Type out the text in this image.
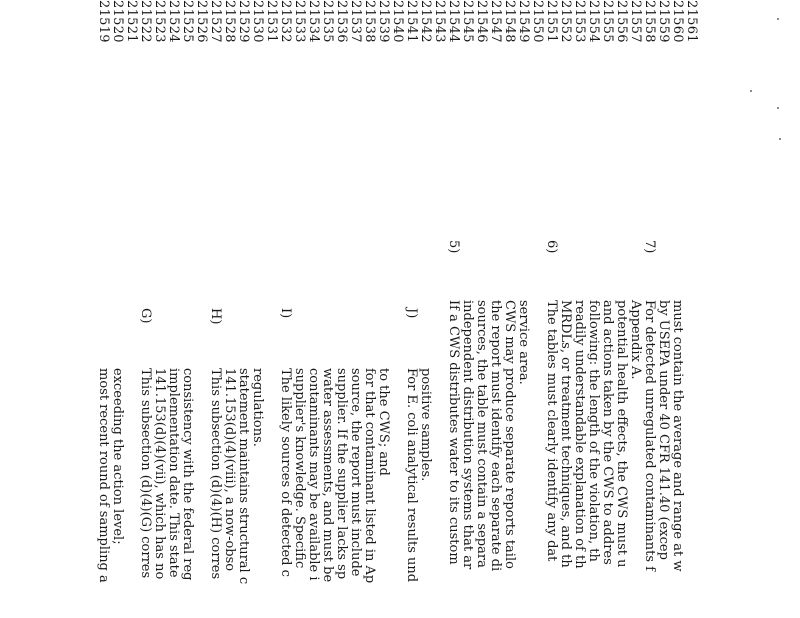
21519 21520 21521 21522 21523 21524 21525 21526 21527 21528 21529 21530 21531 21532 21533 21534 21535 21536 21537 21538 21539 21540 21541 21542 21543 21544 21545 21546 21547 21548 21549 21550 21551 21552 21553 21554 21555 21556 21557 21558 21559 21560 21561
G)	H)	I)	J)
5)	6)	7)
most recent round of sampling a exceeding the action level; This subsection (d)(4)(G) corres 141.153(d)(4)(vii), which has no implementation date. This state consistency with the federal reg This subsection (d)(4)(H) corres 141.153(d)(4)(viii), a now-obso statement maintains structural c regulations. The likely sources of detected c supplier's knowledge. Specific contaminants may be available i water assessments, and must be supplier. If the supplier lacks sp source, the report must include for that contaminant listed in Ap to the CWS; and For E. coli analytical results und positive samples. If a CWS distributes water to its custom independent distribution systems that ar sources, the table must contain a separa the report must identify each separate di CWS may produce separate reports tailo service area. The tables must clearly identify any dat MRDLs, or treatment techniques, and th readily understandable explanation of th following: the length of the violation, th and actions taken by the CWS to addres potential health effects, the CWS must u Appendix A. For detected unregulated contaminants f by USEPA under 40 CFR 141.40 (excep must contain the average and range at w
